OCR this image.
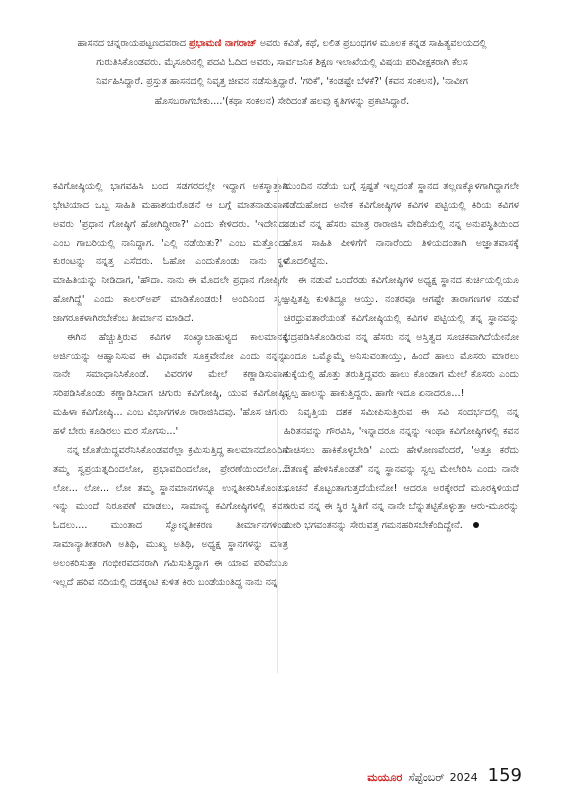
ಹಾಸನದ ಚನ್ನರಾಯಪಟ್ಟಣದವರಾದ ಪ್ರಭಾಮಣಿ ನಾಗರಾಜ್ ಅವರು ಕವಿತೆ, ಕಥೆ, ಲಲಿತ ಪ್ರಬಂಧಗಳ ಮೂಲಕ ಕನ್ನಡ ಸಾಹಿತ್ಯವಲಯದಲ್ಲಿ ಗುರುತಿಸಿಕೊಂಡವರು. ಮೈಸೂರಿನಲ್ಲಿ ಪದವಿ ಓದಿದ ಅವರು, ಸಾರ್ವಜನಿಕ ಶಿಕ್ಷಣ ಇಲಾಖೆಯಲ್ಲಿ ವಿಷಯ ಪರಿವೀಕ್ಷಕರಾಗಿ ಕೆಲಸ ನಿರ್ವಹಿಸಿದ್ದಾರೆ. ಪ್ರಸ್ತುತ ಹಾಸನದಲ್ಲಿ ನಿವೃತ್ತ ಜೀವನ ನಡೆಸುತ್ತಿದ್ದಾರೆ. 'ಗರಿಕೆ', 'ಕಂಡಷ್ಟೇ ಬೆಳಕೆ?' (ಕವನ ಸಂಕಲನ), 'ನಾವೀಗ ಹೊಸಬರಾಗಬೇಕು....'(ಕಥಾ ಸಂಕಲನ) ಸೇರಿದಂತೆ ಹಲವು ಕೃತಿಗಳನ್ನು ಪ್ರಕಟಿಸಿದ್ದಾರೆ.

ಕವಿಗೋಷ್ಠಿಯಲ್ಲಿ ಭಾಗವಹಿಸಿ ಬಂದ ಸಡಗರದಲ್ಲೇ ಇದ್ದಾಗ ಅಕಸ್ಮಾತ್ತಾಗಿ ಭೇಟಿಯಾದ ಒಬ್ಬ ಸಾಹಿತಿ ಮಹಾಶಯರೊಡನೆ ಆ ಬಗ್ಗೆ ಮಾತನಾಡುವಾಗ ಅವರು 'ಪ್ರಧಾನ ಗೋಷ್ಠಿಗೆ ಹೋಗಿದ್ದೀರಾ?' ಎಂದು ಕೇಳಿದರು. 'ಇದೇನಿದು ಎಂಬ ಗಾಬರಿಯಲ್ಲಿ ನಾನಿದ್ದಾಗ. 'ಎಲ್ಲಿ ನಡೆಯಿತು?' ಎಂಬ ಮತ್ತೊಂದು ಕುರಂಟನ್ನು ನನ್ನತ್ತ ಎಸೆದರು. ಓಹೋ ಎಂದುಕೊಂಡು ನಾನು ಸ್ಥಳ ಮಾಹಿತಿಯನ್ನು ನೀಡಿದಾಗ, 'ಹೌದಾ. ನಾನು ಈ ಮೊದಲೇ ಪ್ರಧಾನ ಗೋಷ್ಠಿಗೇ ಹೋಗಿದ್ದೆ' ಎಂದು ಕಾಲರ್‌ಅಪ್ ಮಾಡಿಕೊಂಡರು! ಅಂದಿನಿಂದ ಸ್ವಲ್ಪ ಜಾಗರೂಕಳಾಗಿರಬೇಕೆಂಬ ತೀರ್ಮಾನ ಮಾಡಿದೆ.

ಈಗಿನ ಹೆಚ್ಚುತ್ತಿರುವ ಕವಿಗಳ ಸಂಖ್ಯಾಬಾಹುಳ್ಯದ ಕಾಲಮಾನಕ್ಕೆ ಅರ್ಜಿಯನ್ನು ಆಹ್ವಾನಿಸುವ ಈ ವಿಧಾನವೇ ಸೂಕ್ತವೇನೋ ಎಂದು ನನ್ನನ್ನು ನಾನೇ ಸಮಾಧಾನಿಸಿಕೊಂಡೆ. ವಿವರಗಳ ಮೇಲೆ ಕಣ್ಣಾಡಿಸುವಾಗ ಸರಿಪಡಿಸಿಕೊಂಡು ಕಣ್ಣಾಡಿಸಿದಾಗ ಚಿಗುರು ಕವಿಗೋಷ್ಠಿ, ಯುವ ಕವಿಗೋಷ್ಠಿ, ಮಹಿಳಾ ಕವಿಗೋಷ್ಠಿ... ಎಂಬ ವಿಭಾಗಗಳೂ ರಾರಾಜಿಸಿದವು. 'ಹೊಸ ಚಿಗುರು ಹಳೆ ಬೇರು ಕೂಡಿರಲು ಮರ ಸೊಗಸು...'

ನನ್ನ ಜೊತೆಯಿದ್ದವರೆನಿಸಿಕೊಂಡವರೆಲ್ಲಾ ಕ್ರಮಿಸುತ್ತಿದ್ದ ಕಾಲಮಾನದೊಂದಿಗೆ ತಮ್ಮ ಸ್ವಪ್ರಯತ್ನದಿಂದಲೋ, ಪ್ರಭಾವದಿಂದಲೋ, ಪ್ರೇರಣೆಯಿಂದಲೋ... ಲೋ... ಲೋ... ಲೋ ತಮ್ಮ ಸ್ಥಾನಮಾನಗಳನ್ನೂ ಉನ್ನತೀಕರಿಸಿಕೊಂಡು, ಇನ್ನು ಮುಂದೆ ನಿರೂಪಣೆ ಮಾಡಲು, ಸಾಮಾನ್ಯ ಕವಿಗೋಷ್ಠಿಗಳಲ್ಲಿ ಕವನ ಓದಲು.... ಮುಂತಾದ ಸ್ವೋನ್ನತೀಕರಣ ತೀರ್ಮಾನಗಳಿಂದ ಸಾಮಾನ್ಯಾತೀತರಾಗಿ ಅತಿಥಿ, ಮುಖ್ಯ ಅತಿಥಿ, ಅಧ್ಯಕ್ಷ ಸ್ಥಾನಗಳನ್ನು ಮಾತ್ರ ಅಲಂಕರಿಸುತ್ತಾ ಗಂಭೀರವದನರಾಗಿ ಗಮಿಸುತ್ತಿದ್ದಾಗ ಈ ಯಾವ ಪರಿವೆಯೂ ಇಲ್ಲದೆ ಹರಿವ ನದಿಯಲ್ಲಿ ದಡಕ್ಕಂಟಿ ಕುಳಿತ ಕಿರು ಬಂಡೆಯಂತಿದ್ದ ನಾನು ನನ್ನ

ಮುಂದಿನ ನಡೆಯ ಬಗ್ಗೆ ಸ್ಪಷ್ಟತೆ ಇಲ್ಲದಂತೆ ಸ್ಥಾನದ ತಲ್ಲಣಕ್ಕೊಳಗಾಗಿದ್ದಾಗಲೇ ನಡೆದುಹೋದ ಅನೇಕ ಕವಿಗೋಷ್ಠಿಗಳ ಕವಿಗಳ ಪಟ್ಟಿಯಲ್ಲಿ ಕಿರಿಯ ಕವಿಗಳ ನಡುವೆ ನನ್ನ ಹೆಸರು ಮಾತ್ರ ರಾರಾಜಿಸಿ ವೇದಿಕೆಯಲ್ಲಿ ನನ್ನ ಅನುಪಸ್ಥಿತಿಯಿಂದ ಹೊಸ ಸಾಹಿತಿ ಪೀಳಿಗೆಗೆ ನಾನಾರೆಂದು ತಿಳಿಯದಂತಾಗಿ ಅಜ್ಞಾತವಾಸಕ್ಕೆ ಮೊದಲಿಟ್ಟೆನು.

ಈ ನಡುವೆ ಒಂದೆರಡು ಕವಿಗೋಷ್ಠಿಗಳ ಅಧ್ಯಕ್ಷ ಸ್ಥಾನದ ಕುರ್ಚಿಯಲ್ಲಿಯೂ ಅಪ್ಪಿತಪ್ಪಿ ಕುಳಿತಿದ್ದೂ ಆಯ್ತು. ನಂತರವೂ ಆಗಷ್ಟೇ ತಾರಾಗಣಗಳ ನಡುವೆ ಚಿರಧ್ರುವತಾರೆಯಂತೆ ಕವಿಗೋಷ್ಠಿಯಲ್ಲಿ ಕವಿಗಳ ಪಟ್ಟಿಯಲ್ಲಿ ತನ್ನ ಸ್ಥಾನವನ್ನು ಭದ್ರಪಡಿಸಿಕೊಂಡಿರುವ ನನ್ನ ಹೆಸರು ನನ್ನ ಅಸ್ತಿತ್ವದ ಸೂಚಕವಾಗಿದೆಯೇನೋ ಎಂದೂ ಒಮ್ಮೊಮ್ಮೆ ಅನಿಸುವಂತಾಯ್ತು, ಹಿಂದೆ ಹಾಲು ಮೊಸರು ಮಾರಲು ಕುಕ್ಕೆಯಲ್ಲಿ ಹೊತ್ತು ತರುತ್ತಿದ್ದವರು ಹಾಲು ಕೊಂಡಾಗ ಮೇಲೆ ಕೊಸರು ಎಂದು ಸ್ವಲ್ಪ ಹಾಲನ್ನು ಹಾಕುತ್ತಿದ್ದರು. ಹಾಗೇ ಇದೂ ಏನಾದರೂ...!

ನಿವೃತ್ತಿಯ ದಶಕ ಸಮೀಪಿಸುತ್ತಿರುವ ಈ ಸವಿ ಸಂದರ್ಭದಲ್ಲಿ ನನ್ನ ಹಿರಿತನವನ್ನು ಗೌರವಿಸಿ, 'ಇನ್ನಾದರೂ ನನ್ನನ್ನು ಇಂಥಾ ಕವಿಗೋಷ್ಠಿಗಳಲ್ಲಿ ಕವನ ವಾಚಿಸಲು ಹಾಕಿಕೊಳ್ಳಬೇಡಿ' ಎಂದು ಹೇಳೋಣವೆಂದರೆ, 'ಅತ್ತೂ ಕರೆದು ಔತಣಕ್ಕೆ ಹೇಳಿಸಿಕೊಂಡತೆ' ನನ್ನ ಸ್ಥಾನವನ್ನು ಸ್ವಲ್ಪ ಮೇಲೇರಿಸಿ ಎಂದು ನಾನೇ ಸೂಚನೆ ಕೊಟ್ಟಂತಾಗುತ್ತದೆಯೇನೋ! ಆದರೂ ಅರಕ್ಕೇರದೆ ಮೂರಕ್ಕಿಳಿಯದೆ ಇರುವ ನನ್ನ ಈ ಸ್ಥಿರ ಸ್ಥಿತಿಗೆ ನನ್ನ ನಾನೇ ಬೆನ್ನುತಟ್ಟಿಕೊಳ್ಳುತ್ತಾ ಆರು-ಮೂರನ್ನು ಮೀರಿ ಭಗವಂತನನ್ನು ಸೇರುವತ್ತ ಗಮನಹರಿಸಬೇಕೆಂದಿದ್ದೇನೆ.

ಮಯೂರ ಸೆಪ್ಟೆಂಬರ್ 2024 159
